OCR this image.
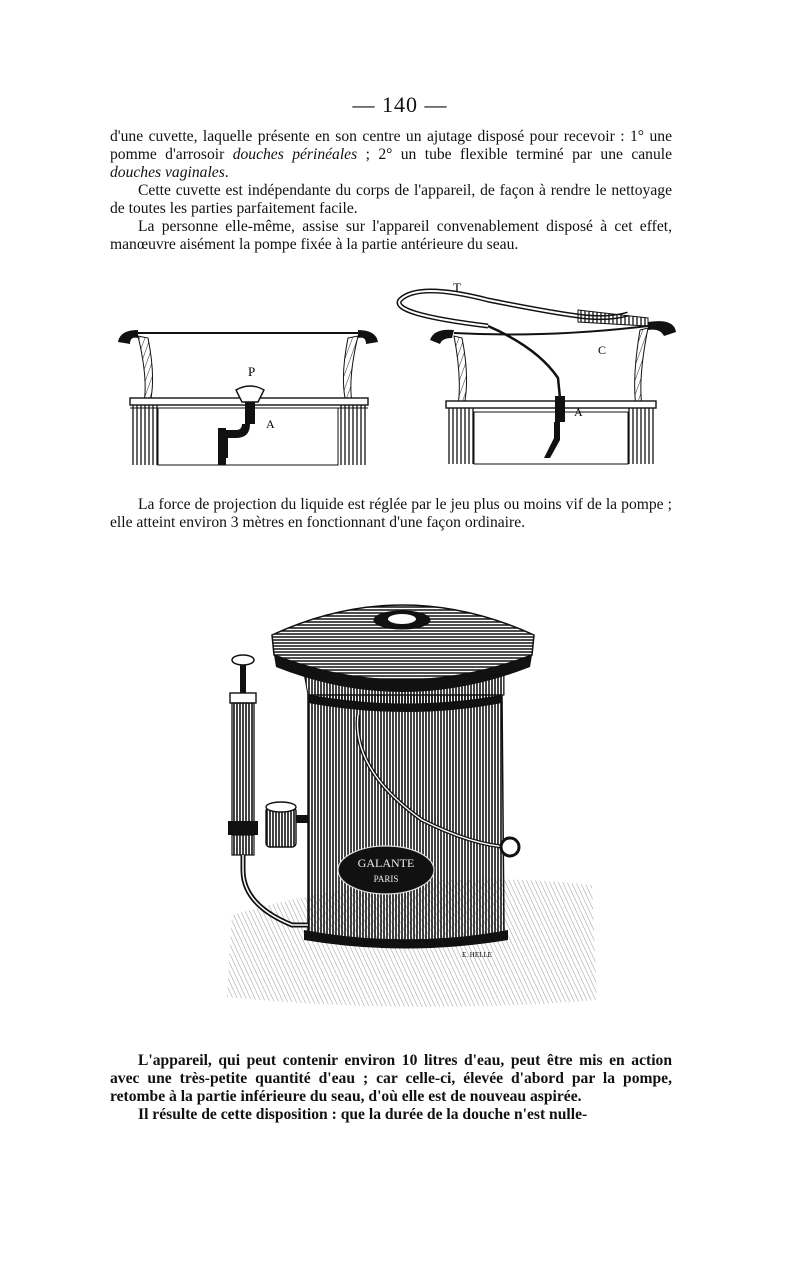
— 140 —

d'une cuvette, laquelle présente en son centre un ajutage disposé pour recevoir : 1° une pomme d'arrosoir douches périnéales ; 2° un tube flexible terminé par une canule douches vaginales.

Cette cuvette est indépendante du corps de l'appareil, de façon à rendre le nettoyage de toutes les parties parfaitement facile.

La personne elle-même, assise sur l'appareil convenablement disposé à cet effet, manœuvre aisément la pompe fixée à la partie antérieure du seau.

P
A
T
C
A

La force de projection du liquide est réglée par le jeu plus ou moins vif de la pompe ; elle atteint environ 3 mètres en fonctionnant d'une façon ordinaire.

GALANTE
PARIS
E. HELLE

L'appareil, qui peut contenir environ 10 litres d'eau, peut être mis en action avec une très-petite quantité d'eau ; car celle-ci, élevée d'abord par la pompe, retombe à la partie inférieure du seau, d'où elle est de nouveau aspirée.

Il résulte de cette disposition : que la durée de la douche n'est nulle-
